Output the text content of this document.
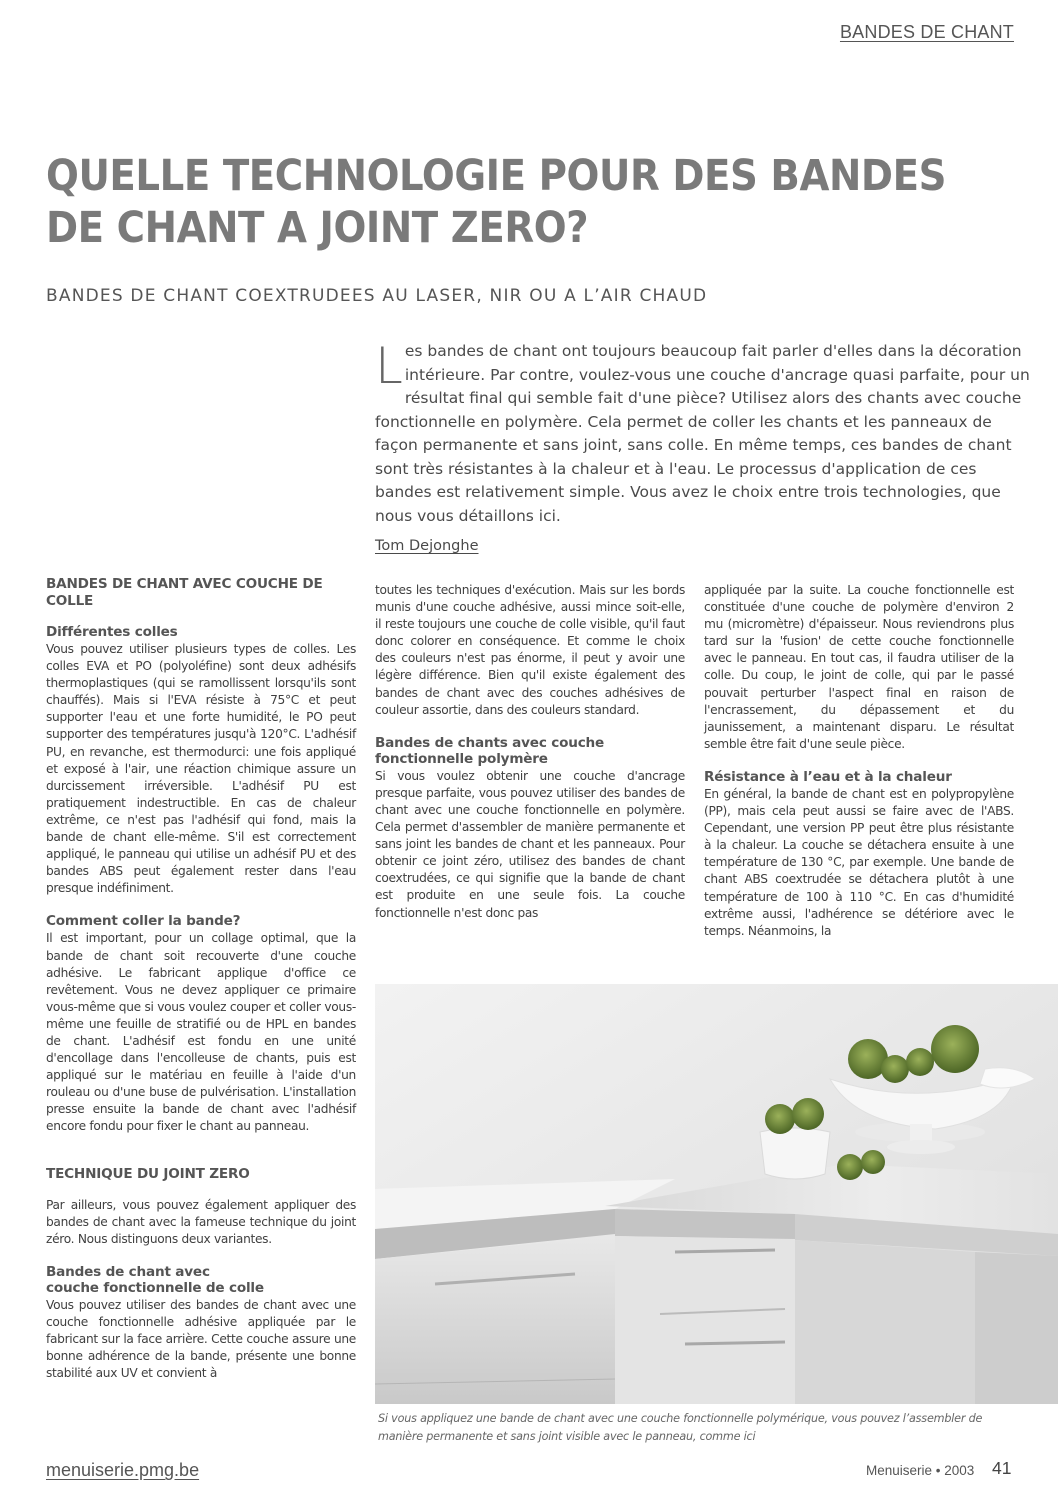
BANDES DE CHANT
QUELLE TECHNOLOGIE POUR DES BANDES
DE CHANT A JOINT ZERO?
BANDES DE CHANT COEXTRUDEES AU LASER, NIR OU A L’AIR CHAUD
L es bandes de chant ont toujours beaucoup fait parler d'elles dans la décoration
intérieure. Par contre, voulez-vous une couche d'ancrage quasi parfaite, pour un
résultat final qui semble fait d'une pièce? Utilisez alors des chants avec couche
fonctionnelle en polymère. Cela permet de coller les chants et les panneaux de
façon permanente et sans joint, sans colle. En même temps, ces bandes de chant
sont très résistantes à la chaleur et à l'eau. Le processus d'application de ces
bandes est relativement simple. Vous avez le choix entre trois technologies, que
nous vous détaillons ici.
Tom Dejonghe
BANDES DE CHANT AVEC COUCHE DE COLLE
Différentes colles

Vous pouvez utiliser plusieurs types de colles. Les colles EVA et PO (polyoléfine) sont deux adhésifs thermoplastiques (qui se ramollissent lorsqu'ils sont chauffés). Mais si l'EVA résiste à 75°C et peut supporter l'eau et une forte humidité, le PO peut supporter des températures jusqu'à 120°C. L'adhésif PU, en revanche, est thermodurci: une fois appliqué et exposé à l'air, une réaction chimique assure un durcissement irréversible. L'adhésif PU est pratiquement indestructible. En cas de chaleur extrême, ce n'est pas l'adhésif qui fond, mais la bande de chant elle-même. S'il est correctement appliqué, le panneau qui utilise un adhésif PU et des bandes ABS peut également rester dans l'eau presque indéfiniment.

Comment coller la bande?

Il est important, pour un collage optimal, que la bande de chant soit recouverte d'une couche adhésive. Le fabricant applique d'office ce revêtement. Vous ne devez appliquer ce primaire vous-même que si vous voulez couper et coller vous-même une feuille de stratifié ou de HPL en bandes de chant. L'adhésif est fondu en une unité d'encollage dans l'encolleuse de chants, puis est appliqué sur le matériau en feuille à l'aide d'un rouleau ou d'une buse de pulvérisation. L'installation presse ensuite la bande de chant avec l'adhésif encore fondu pour fixer le chant au panneau.

TECHNIQUE DU JOINT ZERO

Par ailleurs, vous pouvez également appliquer des bandes de chant avec la fameuse technique du joint zéro. Nous distinguons deux variantes.

Bandes de chant avec
couche fonctionnelle de colle

Vous pouvez utiliser des bandes de chant avec une couche fonctionnelle adhésive appliquée par le fabricant sur la face arrière. Cette couche assure une bonne adhérence de la bande, présente une bonne stabilité aux UV et convient à

toutes les techniques d'exécution. Mais sur les bords munis d'une couche adhésive, aussi mince soit-elle, il reste toujours une couche de colle visible, qu'il faut donc colorer en conséquence. Et comme le choix des couleurs n'est pas énorme, il peut y avoir une légère différence. Bien qu'il existe également des bandes de chant avec des couches adhésives de couleur assortie, dans des couleurs standard.

Bandes de chants avec couche
fonctionnelle polymère

Si vous voulez obtenir une couche d'ancrage presque parfaite, vous pouvez utiliser des bandes de chant avec une couche fonctionnelle en polymère. Cela permet d'assembler de manière permanente et sans joint les bandes de chant et les panneaux. Pour obtenir ce joint zéro, utilisez des bandes de chant coextrudées, ce qui signifie que la bande de chant est produite en une seule fois. La couche fonctionnelle n'est donc pas

appliquée par la suite. La couche fonctionnelle est constituée d'une couche de polymère d'environ 2 mu (micromètre) d'épaisseur. Nous reviendrons plus tard sur la 'fusion' de cette couche fonctionnelle avec le panneau. En tout cas, il faudra utiliser de la colle. Du coup, le joint de colle, qui par le passé pouvait perturber l'aspect final en raison de l'encrassement, du dépassement et du jaunissement, a maintenant disparu. Le résultat semble être fait d'une seule pièce.

Résistance à l’eau et à la chaleur

En général, la bande de chant est en polypropylène (PP), mais cela peut aussi se faire avec de l'ABS. Cependant, une version PP peut être plus résistante à la chaleur. La couche se détachera ensuite à une température de 130 °C, par exemple. Une bande de chant ABS coextrudée se détachera plutôt à une température de 100 à 110 °C. En cas d'humidité extrême aussi, l'adhérence se détériore avec le temps. Néanmoins, la

Si vous appliquez une bande de chant avec une couche fonctionnelle polymérique, vous pouvez l’assembler de manière permanente et sans joint visible avec le panneau, comme ici
menuiserie.pmg.be	Menuiserie • 2003 41
